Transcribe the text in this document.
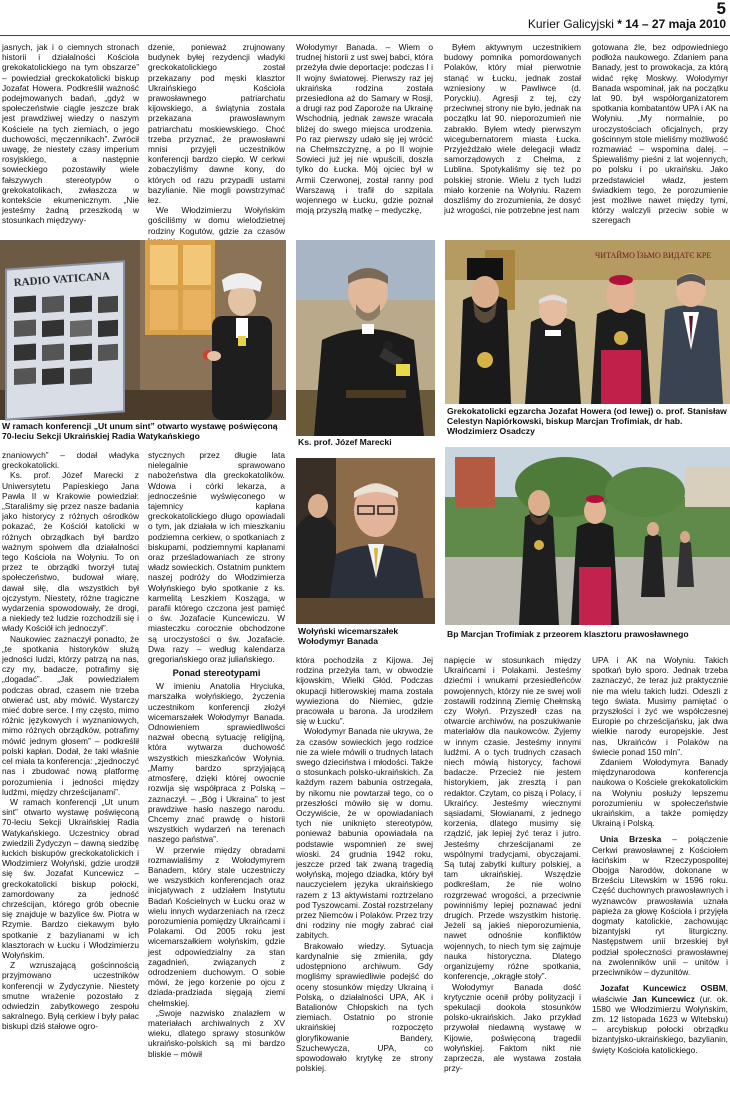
5
Kurier Galicyjski * 14 – 27 maja 2010

jasnych, jak i o ciemnych stronach historii i działalności Kościoła grekokatolickiego na tym obszarze” – powiedział greckokatolicki biskup Jozafat Howera. Podkreślił ważność podejmowanych badań, „gdyż w społeczeństwie ciągle jeszcze brak jest prawdziwej wiedzy o naszym Kościele na tych ziemiach, o jego duchowości, męczennikach”. Zwrócił uwagę, że niestety czasy imperium rosyjskiego, a następnie sowieckiego pozostawiły wiele fałszywych stereotypów o grekokatolikach, zwłaszcza w kontekście ekumenicznym. „Nie jesteśmy żadną przeszkodą w stosunkach międzywy-

dzenie, ponieważ zrujnowany budynek byłej rezydencji władyki greckokatolickiego został przekazany pod męski klasztor Ukraińskiego Kościoła prawosławnego patriarchatu kijowskiego, a świątynia została przekazana prawosławnym patriarchatu moskiewskiego. Choć trzeba przyznać, że prawosławni mnisi przyjęli uczestników konferencji bardzo ciepło. W cerkwi zobaczyliśmy dawne kony, do których od razu przypadli ustami bazylianie. Nie mogli powstrzymać łez.

We Włodzimierzu Wołyńskim gościliśmy w domu wielodzietnej rodziny Kogutów, gdzie za czasów

Wołodymyr Banada. – Wiem o trudnej historii z ust swej babci, która przeżyła dwie deportacje: podczas I i II wojny światowej. Pierwszy raz jej ukraińska rodzina została przesiedlona aż do Samary w Rosji, a drugi raz pod Zaporoże na Ukrainę Wschodnią, jednak zawsze wracała bliżej do swego miejsca urodzenia. Po raz pierwszy udało się jej wrócić na Chełmszczyznę, a po II wojnie Sowieci już jej nie wpuścili, doszła tylko do Łucka. Mój ojciec był w Armii Czerwonej, został ranny pod Warszawą i trafił do szpitala wojennego w Łucku, gdzie poznał moją przyszłą matkę – medyczkę,

Byłem aktywnym uczestnikiem budowy pomnika pomordowanych Polaków, który miał pierwotnie stanąć w Łucku, jednak został wzniesiony w Pawliwce (d. Poryckiu). Agresji z tej, czy przeciwnej strony nie było, jednak na początku lat 90. nieporozumień nie zabrakło. Byłem wtedy pierwszym wicegubernatorem miasta Łucka. Przyjeżdżało wiele delegacji władz samorządowych z Chełma, z Lublina. Spotykaliśmy się też po polskiej stronie. Wielu z tych ludzi miało korzenie na Wołyniu. Razem doszliśmy do zrozumienia, że dosyć już wrogości, nie potrzebne jest nam

gotowana źle, bez odpowiedniego podłoża naukowego. Zdaniem pana Banady, jest to prowokacja, za którą widać rękę Moskwy. Wołodymyr Banada wspominał, jak na początku lat 90. był współorganizatorem spotkania kombatantów UPA i AK na Wołyniu. „My normalnie, po uroczystościach oficjalnych, przy gościnnym stole mieliśmy możliwość rozmawiać – wspomina dalej. – Śpiewaliśmy pieśni z lat wojennych, po polsku i po ukraińsku. Jako przedstawiciel władz, jestem świadkiem tego, że porozumienie jest możliwe nawet między tymi, którzy walczyli przeciw sobie w szeregach

RADIO VATICANA
W ramach konferencji „Ut unum sint” otwarto wystawę poświęconą 70-leciu Sekcji Ukraińskiej Radia Watykańskiego
Ks. prof. Józef Marecki
ЧИТАЙМО ЇЗЬМО ВИДАТЄ КРЕ
Grekokatolicki egzarcha Jozafat Howera (od lewej) o. prof. Stanisław Celestyn Napiórkowski, biskup Marcjan Trofimiak, dr hab. Włodzimierz Osadczy
Wołyński wicemarszałek Wołodymyr Banada
Bp Marcjan Trofimiak z przeorem klasztoru prawosławnego

znaniowych” – dodał władyka greckokatolicki.

Ks. prof. Józef Marecki z Uniwersytetu Papieskiego Jana Pawła II w Krakowie powiedział: „Staraliśmy się przez nasze badania jako historycy z różnych ośrodków pokazać, że Kościół katolicki w różnych obrządkach był bardzo ważnym spoiwem dla działalności tego Kościoła na Wołyniu. To on przez te obrządki tworzył tutaj społeczeństwo, budował wiarę, dawał siłę, dla wszystkich był ojczystym. Niestety, różne tragiczne wydarzenia spowodowały, że drogi, a niekiedy też ludzie rozchodzili się i włady Kościół ich jednoczył”.

Naukowiec zaznaczył ponadto, że „te spotkania historyków służą jedności ludzi, którzy patrzą na nas, czy my, badacze, potrafimy się „dogadać”. „Jak powiedziałem podczas obrad, czasem nie trzeba otwierać ust, aby mówić. Wystarczy mieć dobre serce. I my często, mimo różnic językowych i wyznaniowych, mimo różnych obrządków, potrafimy mówić jednym głosem” – podkreślił polski kapłan. Dodał, że taki właśnie cel miała ta konferencja: „zjednoczyć nas i zbudować nową platformę porozumienia i jedności między ludźmi, między chrześcijanami”.

W ramach konferencji „Ut unum sint” otwarto wystawę poświęconą 70-leciu Sekcji Ukraińskiej Radia Watykańskiego. Uczestnicy obrad zwiedzili Żydyczyn – dawną siedzibę łuckich biskupów greckokatolickich i Włodzimierz Wołyński, gdzie urodził się św. Jozafat Kuncewicz – greckokatolicki biskup połocki, zamordowany za jedność chrześcijan, którego grób obecnie się znajduje w bazylice św. Piotra w Rzymie. Bardzo ciekawym było spotkanie z bazylianami w ich klasztorach w Łucku i Włodzimierzu Wołyńskim.

Z wzruszającą gościnnością przyjmowano uczestników konferencji w Żydyczynie. Niestety smutne wrażenie pozostało z odwiedzin zabytkowego zespołu sakralnego. Byłą cerkiew i były pałac biskupi dziś stałowe ogro-

stycznych przez długie lata nielegalnie sprawowano nabożeństwa dla greckokatolików. Wdowa i córki lekarza, a jednocześnie wyświęconego w tajemnicy kapłana greckokatolickiego długo opowiadali o tym, jak działała w ich mieszkaniu podziemna cerkiew, o spotkaniach z biskupami, podziemnymi kapłanami oraz prześladowaniach ze strony władz sowieckich. Ostatnim punktem naszej podróży do Włodzimierza Wołyńskiego było spotkanie z ks. karmelitą Leszkiem Kosząga, w parafii którego czczona jest pamięć o św. Jozafacie Kuncewiczu. W miasteczku corocznie obchodzone są uroczystości o św. Jozafacie. Dwa razy – według kalendarza gregoriańskiego oraz juliańskiego.

Ponad stereotypami

W imieniu Anatolia Hryciuka, marszałka wołyńskiego, życzenia uczestnikom konferencji złożył wicemarszałek Wołodymyr Banada. Odnowieniem sprawiedliwości nazwał obecną sytuację religijną, która wytwarza duchowość wszystkich mieszkańców Wołynia. „Mamy bardzo sprzyjającą atmosferę, dzięki której owocnie rozwija się współpraca z Polską – zaznaczył. – „Bóg i Ukraina” to jest prawdziwe hasło naszego narodu. Chcemy znać prawdę o historii wszystkich wydarzeń na terenach naszego państwa”.

W przerwie między obradami rozmawialiśmy z Wołodymyrem Banadem, który stale uczestniczy we wszystkich konferencjach oraz inicjatywach z udziałem Instytutu Badań Kościelnych w Łucku oraz w wielu innych wydarzeniach na rzecz porozumienia pomiędzy Ukraińcami i Polakami. Od 2005 roku jest wicemarszałkiem wołyńskim, gdzie jest odpowiedzialny za stan zagadnień, związanych z odrodzeniem duchowym. O sobie mówi, że jego korzenie po ojcu z dziada-pradziada sięgają ziemi chełmskiej.

„Swoje nazwisko znalazłem w materiałach archiwalnych z XV wieku, dlatego sprawy stosunków ukraińsko-polskich są mi bardzo bliskie – mówił

która pochodziła z Kijowa. Jej rodzina przeżyła tam, w obwodzie kijowskim, Wielki Głód. Podczas okupacji hitlerowskiej mama została wywieziona do Niemiec, gdzie pracowała u barona. Ja urodziłem się w Łucku”.

Wołodymyr Banada nie ukrywa, że za czasów sowieckich jego rodzice nie za wiele mówili o trudnych latach swego dzieciństwa i młodości. Także o stosunkach polsko-ukraińskich. Za każdym razem babunia ostrzegała, by nikomu nie powtarzał tego, co o przeszłości mówiło się w domu. Oczywiście, że w opowiadaniach tych nie uniknięto stereotypów, ponieważ babunia opowiadała na podstawie wspomnień ze swej wioski. 24 grudnia 1942 roku, jeszcze przed tak zwaną tragedią wołyńską, mojego dziadka, który był nauczycielem języka ukraińskiego razem z 13 aktywistami roztrzelano pod Tyszowcami. Został rozstrzelany przez Niemców i Polaków. Przez trzy dni rodziny nie mogły zabrać ciał zabitych.

Brakowało wiedzy. Sytuacja kardynalnie się zmieniła, gdy udostępniono archiwum. Gdy mogliśmy sprawiedliwie podejść do oceny stosunków między Ukrainą i Polską, o działalności UPA, AK i Batalionów Chłopskich na tych ziemiach. Ostatnio po stronie ukraińskiej rozpoczęto gloryfikowanie Bandery, Szuchewycza, UPA, co spowodowało krytykę ze strony polskiej.

napięcie w stosunkach między Ukraińcami i Polakami. Jesteśmy dziećmi i wnukami przesiedleńców powojennych, którzy nie ze swej woli zostawili rodzinną Ziemię Chełmską czy Wołyń. Przyszedł czas na otwarcie archiwów, na poszukiwanie materiałów dla naukowców. Żyjemy w innym czasie. Jesteśmy innymi ludźmi. A o tych trudnych czasach niech mówią historycy, fachowi badacze. Przecież nie jestem historykiem, jak zresztą i pan redaktor. Czytam, co piszą i Polacy, i Ukraińcy. Jesteśmy wiecznymi sąsiadami, Słowianami, z jednego korzenia, dlatego musimy się rządzić, jak lepiej żyć teraz i jutro. Jesteśmy chrześcijanami ze wspólnymi tradycjami, obyczajami. Są tutaj zabytki kultury polskiej, a tam ukraińskiej. Wszędzie podkreślam, że nie wolno rozgrzewać wrogości, a przeciwnie powinniśmy lepiej poznawać jedni drugich. Przede wszystkim historię. Jeżeli są jakieś nieporozumienia, nawet odnośnie konfliktów wojennych, to niech tym się zajmuje nauka historyczna. Dlatego organizujemy różne spotkania, konferencje, „okrągłe stoły”.

Wołodymyr Banada dość krytycznie ocenił próby polityzacji i spekulacji dookoła stosunków polsko-ukraińskich. Jako przykład przywołał niedawną wystawę w Kijowie, poświęconą tragedii wołyńskiej. Faktom nikt nie zaprzecza, ale wystawa została przy-

UPA i AK na Wołyniu. Takich spotkań było sporo. Jednak trzeba zaznaczyć, że teraz już praktycznie nie ma wielu takich ludzi. Odeszli z tego świata. Musimy pamiętać o przyszłości i żyć we współczesnej Europie po chrześcijańsku, jak dwa wielkie narody europejskie. Jest nas, Ukraińców i Polaków na świecie ponad 150 mln”.

Zdaniem Wołodymyra Banady międzynarodowa konferencja naukowa o Kościele grekokatolickim na Wołyniu posłuży lepszemu porozumieniu w społeczeństwie ukraińskim, a także pomiędzy Ukrainą i Polską.

Unia Brzeska – połączenie Cerkwi prawosławnej z Kościołem łacińskim w Rzeczypospolitej Obojga Narodów, dokonane w Brześciu Litewskim w 1596 roku. Część duchownych prawosławnych i wyznawców prawosławia uznała papieża za głowę Kościoła i przyjęła dogmaty katolickie, zachowując bizantyjski ryt liturgiczny. Następstwem unii brzeskiej był podział społeczności prawosławnej na zwolenników unii – unitów i przeciwników – dyzunitów.

Jozafat Kuncewicz OSBM, właściwie Jan Kuncewicz (ur. ok. 1580 we Włodzimierzu Wołyńskim, zm. 12 listopada 1623 w Witebsku) – arcybiskup połocki obrządku bizantyjsko-ukraińskiego, bazylianin, święty Kościoła katolickiego.
